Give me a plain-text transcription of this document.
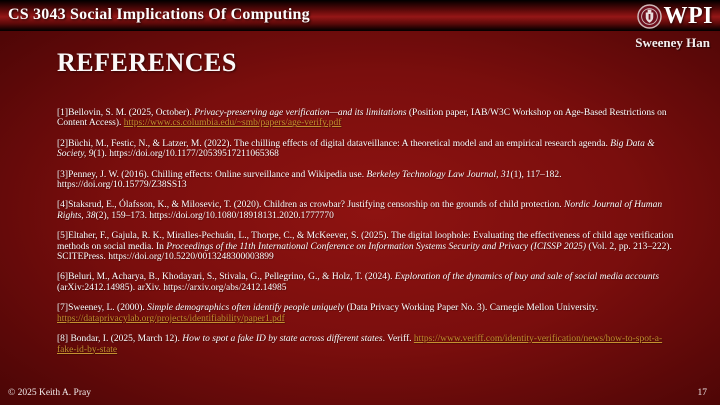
CS 3043 Social Implications Of Computing	WPI
Sweeney Han
REFERENCES

[1]Bellovin, S. M. (2025, October). Privacy-preserving age verification—and its limitations (Position paper, IAB/W3C Workshop on Age-Based Restrictions on Content Access). https://www.cs.columbia.edu/~smb/papers/age-verify.pdf

[2]Büchi, M., Festic, N., & Latzer, M. (2022). The chilling effects of digital dataveillance: A theoretical model and an empirical research agenda. Big Data & Society, 9(1). https://doi.org/10.1177/20539517211065368

[3]Penney, J. W. (2016). Chilling effects: Online surveillance and Wikipedia use. Berkeley Technology Law Journal, 31(1), 117–182. https://doi.org/10.15779/Z38SS13

[4]Staksrud, E., Ólafsson, K., & Milosevic, T. (2020). Children as crowbar? Justifying censorship on the grounds of child protection. Nordic Journal of Human Rights, 38(2), 159–173. https://doi.org/10.1080/18918131.2020.1777770

[5]Eltaher, F., Gajula, R. K., Miralles-Pechuán, L., Thorpe, C., & McKeever, S. (2025). The digital loophole: Evaluating the effectiveness of child age verification methods on social media. In Proceedings of the 11th International Conference on Information Systems Security and Privacy (ICISSP 2025) (Vol. 2, pp. 213–222). SCITEPress. https://doi.org/10.5220/0013248300003899

[6]Beluri, M., Acharya, B., Khodayari, S., Stivala, G., Pellegrino, G., & Holz, T. (2024). Exploration of the dynamics of buy and sale of social media accounts (arXiv:2412.14985). arXiv. https://arxiv.org/abs/2412.14985

[7]Sweeney, L. (2000). Simple demographics often identify people uniquely (Data Privacy Working Paper No. 3). Carnegie Mellon University. https://dataprivacylab.org/projects/identifiability/paper1.pdf

[8] Bondar, I. (2025, March 12). How to spot a fake ID by state across different states. Veriff. https://www.veriff.com/identity-verification/news/how-to-spot-a-fake-id-by-state

© 2025 Keith A. Pray	17
